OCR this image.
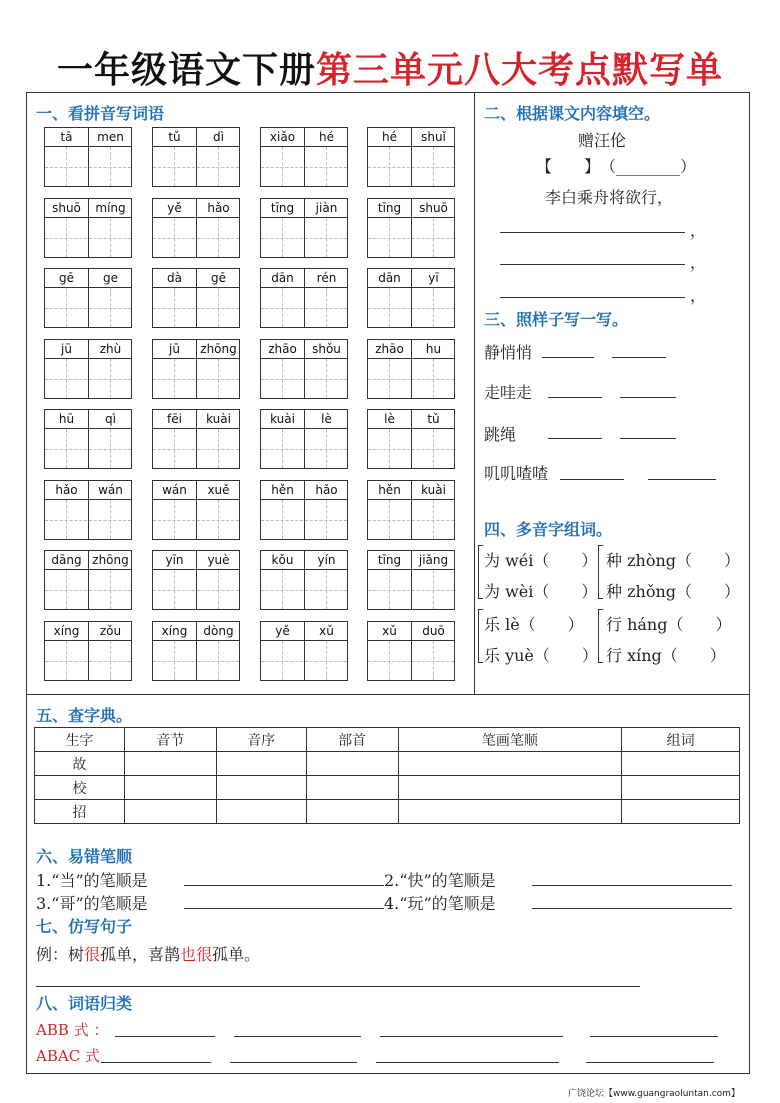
一年级语文下册第三单元八大考点默写单
一、看拼音写词语
tā	men	tǔ	dì	xiǎo	hé	hé	shuǐ
shuō	míng	yě	hǎo	tīng	jiàn	tīng	shuō
gē	ge	dà	gē	dān	rén	dān	yī
jū	zhù	jū	zhōng	zhāo	shǒu	zhāo	hu
hū	qì	fēi	kuài	kuài	lè	lè	tǔ
hǎo	wán	wán	xuě	hěn	hǎo	hěn	kuài
dāng zhōng	yīn	yuè	kǒu	yín	tīng	jiǎng
xíng	zǒu	xíng	dòng	yě	xǔ	xǔ	duō
二、根据课文内容填空。
赠汪伦
【　　】 （________）
李白乘舟将欲行，
，
，
，
三、照样子写一写。
静悄悄
走哇走
跳绳
叽叽喳喳
四、多音字组词。
为 wéi（　　）
为 wèi（　　）
种 zhòng（　　）
种 zhǒng（　　）
乐 lè（　　）
乐 yuè（　　）
行 háng（　　）
行 xíng（　　）
五、查字典。
生字	音节	音序	部首	笔画笔顺	组词
故					
校					
招					
六、易错笔顺
1.“当”的笔顺是	2.“快”的笔顺是
3.“哥”的笔顺是	4.“玩”的笔顺是
七、仿写句子
例：树很孤单，喜鹊也很孤单。
八、词语归类
ABB 式 ：
ABAC 式
广饶论坛【www.guangraoluntan.com】
